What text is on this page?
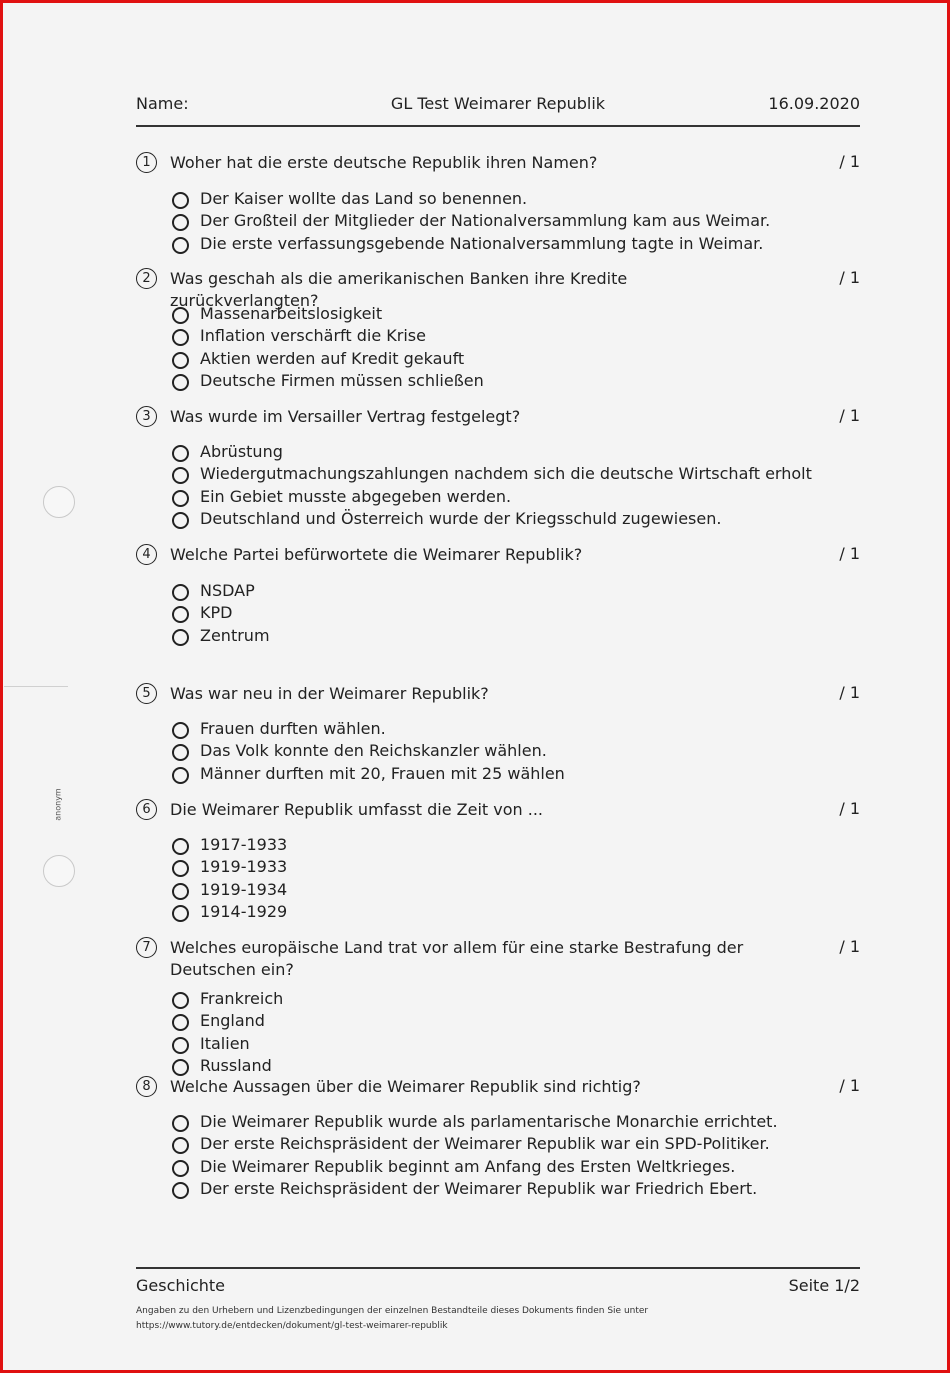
anonym
Name:	GL Test Weimarer Republik	16.09.2020
1	Woher hat die erste deutsche Republik ihren Namen?	/ 1
Der Kaiser wollte das Land so benennen.
Der Großteil der Mitglieder der Nationalversammlung kam aus Weimar.
Die erste verfassungsgebende Nationalversammlung tagte in Weimar.
2	Was geschah als die amerikanischen Banken ihre Kredite zurückverlangten?
/ 1
Massenarbeitslosigkeit
Inflation verschärft die Krise
Aktien werden auf Kredit gekauft
Deutsche Firmen müssen schließen
3	Was wurde im Versailler Vertrag festgelegt?	/ 1
Abrüstung
Wiedergutmachungszahlungen nachdem sich die deutsche Wirtschaft erholt
Ein Gebiet musste abgegeben werden.
Deutschland und Österreich wurde der Kriegsschuld zugewiesen.
4	Welche Partei befürwortete die Weimarer Republik?	/ 1
NSDAP
KPD
Zentrum
5	Was war neu in der Weimarer Republik?	/ 1
Frauen durften wählen.
Das Volk konnte den Reichskanzler wählen.
Männer durften mit 20, Frauen mit 25 wählen
6	Die Weimarer Republik umfasst die Zeit von ...	/ 1
1917-1933
1919-1933
1919-1934
1914-1929
7	Welches europäische Land trat vor allem für eine starke Bestrafung der Deutschen ein?
/ 1
Frankreich
England
Italien
Russland
8	Welche Aussagen über die Weimarer Republik sind richtig?	/ 1
Die Weimarer Republik wurde als parlamentarische Monarchie errichtet.
Der erste Reichspräsident der Weimarer Republik war ein SPD-Politiker.
Die Weimarer Republik beginnt am Anfang des Ersten Weltkrieges.
Der erste Reichspräsident der Weimarer Republik war Friedrich Ebert.
Geschichte	Seite 1/2
Angaben zu den Urhebern und Lizenzbedingungen der einzelnen Bestandteile dieses Dokuments finden Sie unter
https://www.tutory.de/entdecken/dokument/gl-test-weimarer-republik
